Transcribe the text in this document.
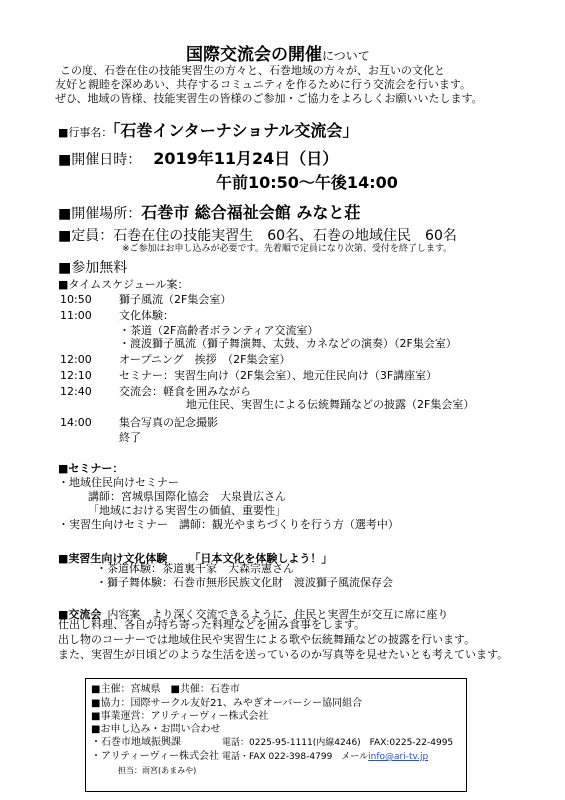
国際交流会の開催について
この度、石巻在住の技能実習生の方々と、石巻地域の方々が、お互いの文化と
友好と親睦を深めあい、共存するコミュニティを作るために行う交流会を行います。
ぜひ、地域の皆様、技能実習生の皆様のご参加・ご協力をよろしくお願いいたします。
■行事名：「石巻インターナショナル交流会」
■開催日時： 2019年11月24日（日）
午前10:50～午後14:00
■開催場所：石巻市 総合福祉会館 みなと荘
■定員：石巻在住の技能実習生　60名、石巻の地域住民　60名
※ご参加はお申し込みが必要です。先着順で定員になり次第、受付を終了します。
■参加無料
■タイムスケジュール案：
10:50 獅子風流（2F集会室）
11:00 文化体験：
・茶道（2F高齢者ボランティア交流室）
・渡波獅子風流（獅子舞演舞、太鼓、カネなどの演奏）（2F集会室）
12:00 オープニング　挨拶　（2F集会室）
12:10 セミナー：実習生向け（2F集会室）、地元住民向け（3F講座室）
12:40 交流会：軽食を囲みながら
地元住民、実習生による伝統舞踊などの披露（2F集会室）
14:00 集合写真の記念撮影
終了
■セミナー：
・地域住民向けセミナー
講師：宮城県国際化協会　大泉貴広さん
「地域における実習生の価値、重要性」
・実習生向けセミナー　講師：観光やまちづくりを行う方（選考中）
■実習生向け文化体験 「日本文化を体験しよう！」
・茶道体験：茶道裏千家　大森宗憲さん
・獅子舞体験：石巻市無形民族文化財　渡波獅子風流保存会
■交流会 内容案　より深く交流できるように、住民と実習生が交互に席に座り
仕出し料理、各自が持ち寄った料理などを囲み食事をします。
出し物のコーナーでは地域住民や実習生による歌や伝統舞踊などの披露を行います。
また、実習生が日頃どのような生活を送っているのか写真等を見せたいとも考えています。
■主催：宮城県　■共催：石巻市
■協力：国際サークル友好21、みやぎオーバーシー協同組合
■事業運営：アリティーヴィー株式会社
■お申し込み・お問い合わせ
・石巻市地域振興課	電話：0225-95-1111(内線4246)　FAX:0225-22-4995
・アリティーヴィー株式会社 電話・FAX 022-398-4799　メールinfo@ari-tv.jp
担当：雨宮(あまみや)
